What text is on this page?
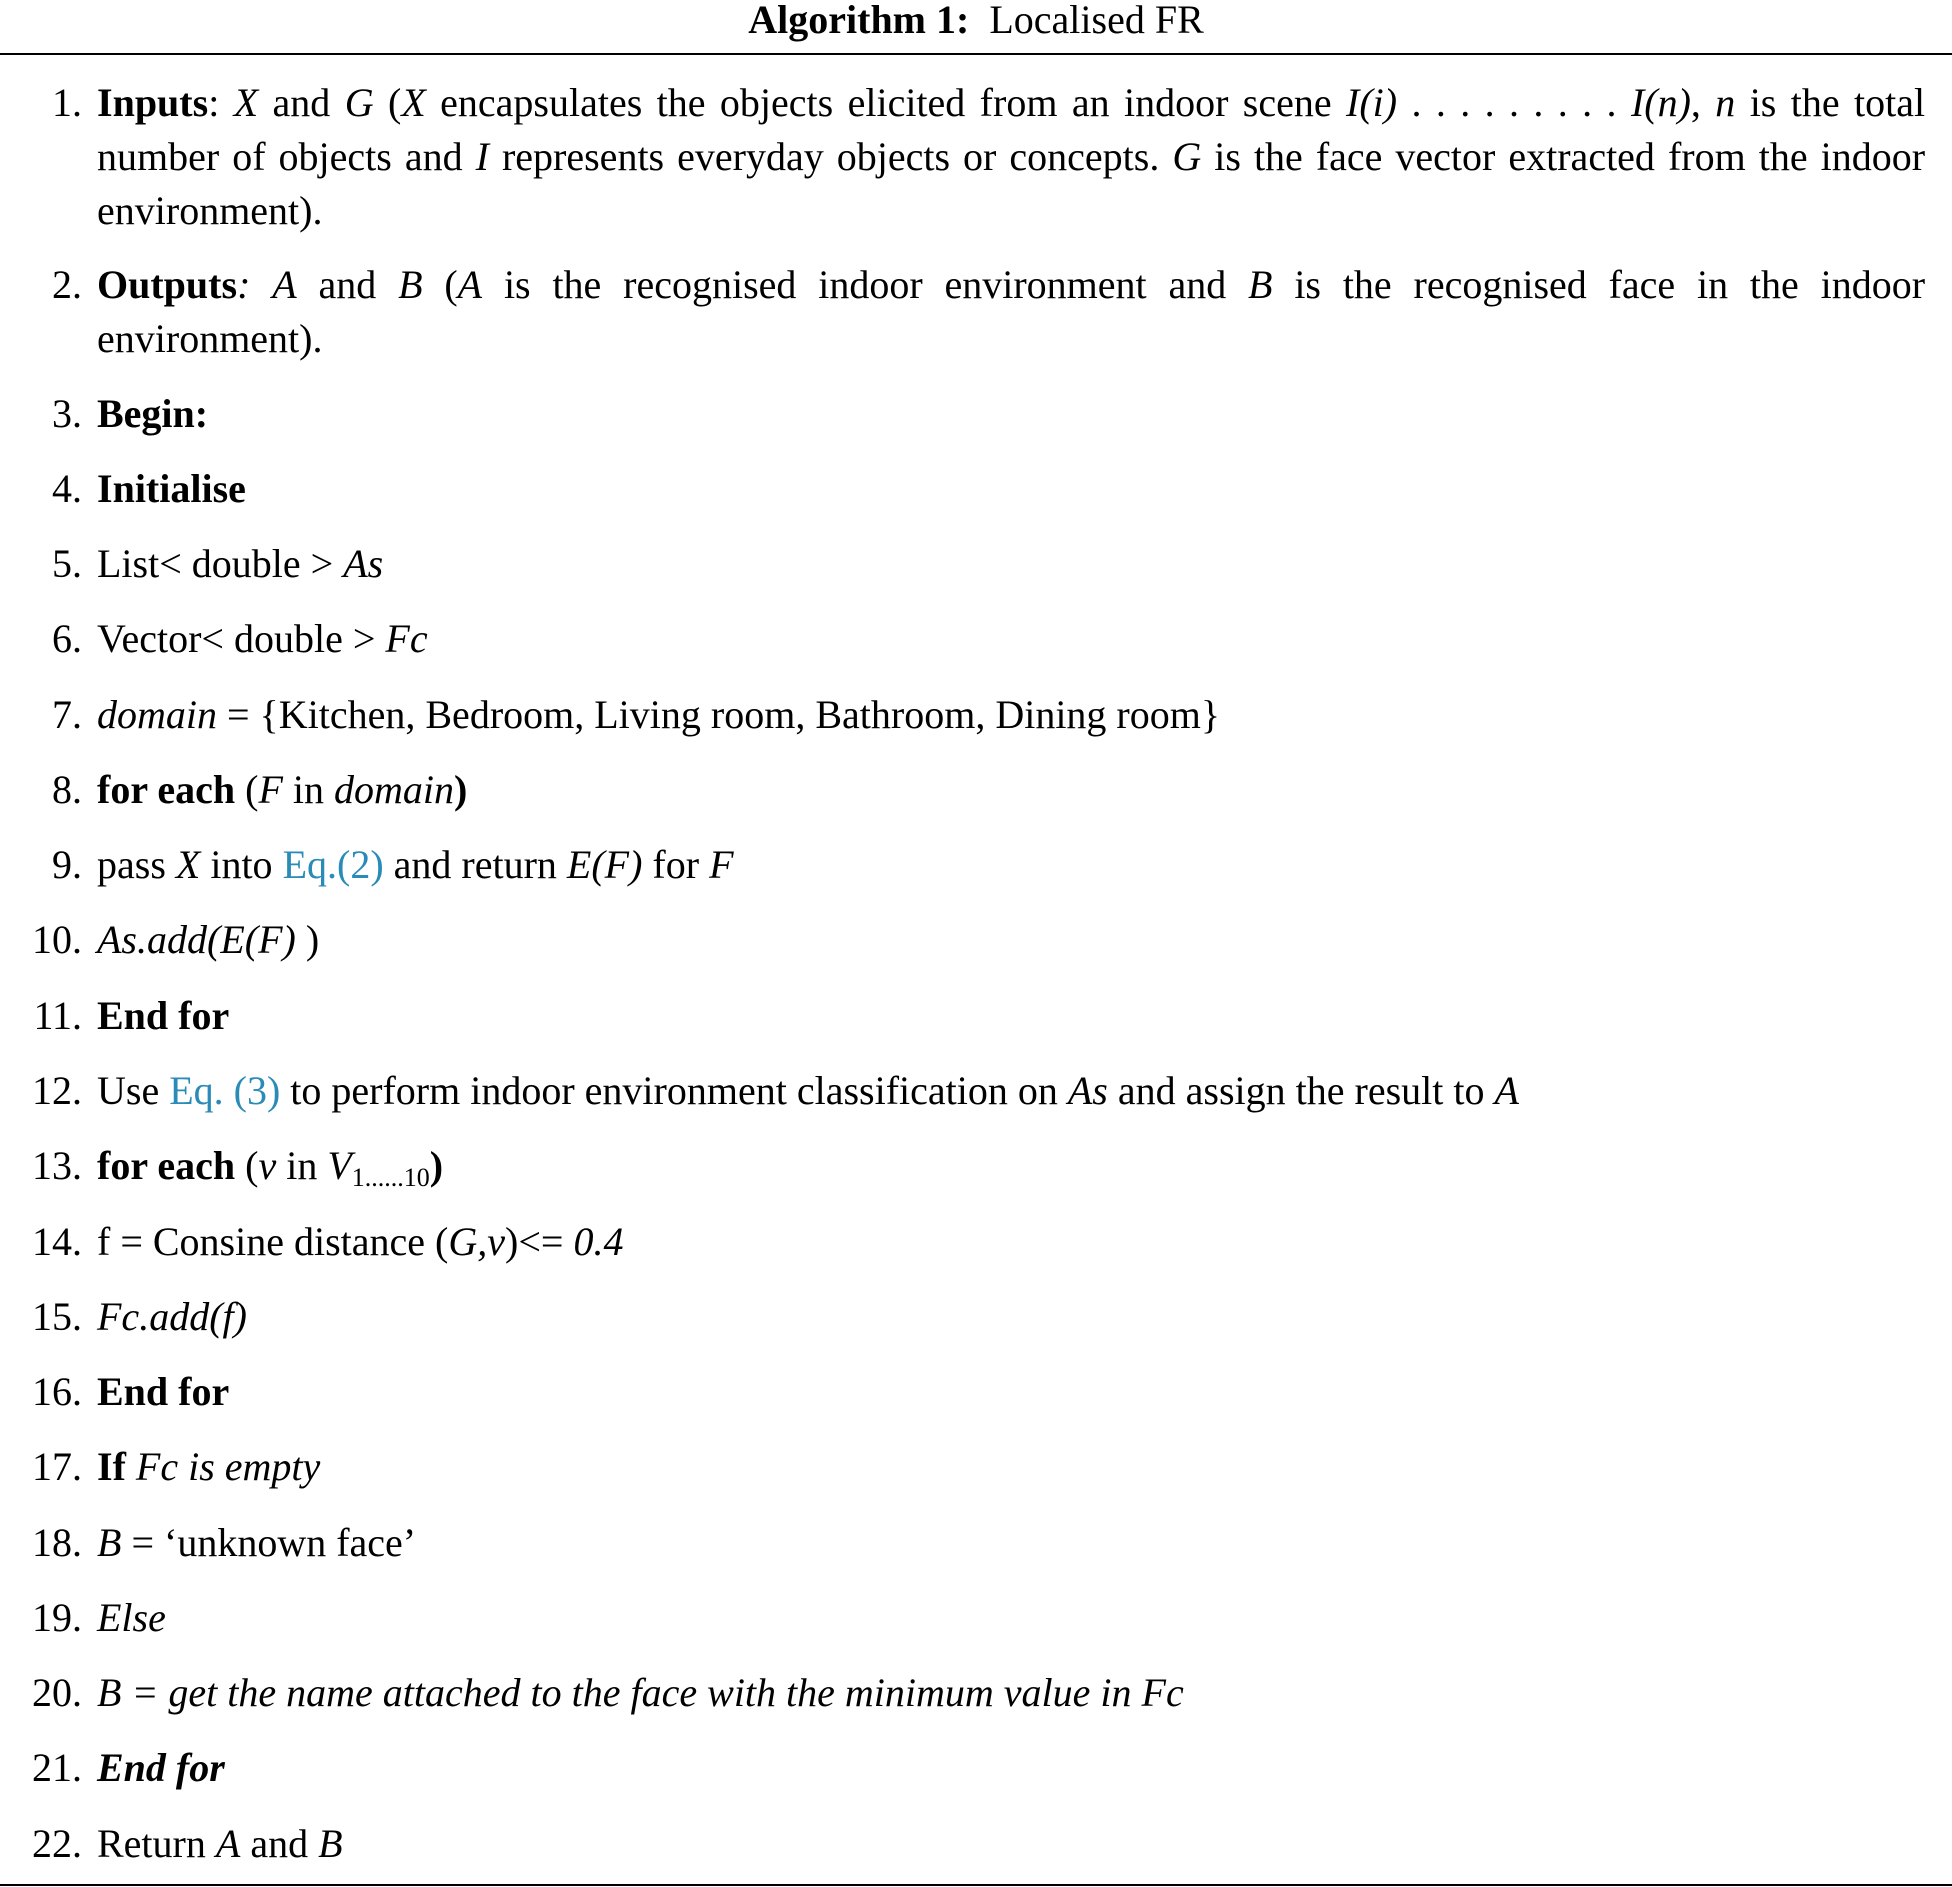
Algorithm 1: Localised FR
1. Inputs: X and G (X encapsulates the objects elicited from an indoor scene I(i) . . . . . . . . . I(n), n is the total number of objects and I represents everyday objects or concepts. G is the face vector extracted from the indoor environment).
2. Outputs: A and B (A is the recognised indoor environment and B is the recognised face in the indoor environment).
3. Begin:
4. Initialise
5. List< double > As
6. Vector< double > Fc
7. domain = {Kitchen, Bedroom, Living room, Bathroom, Dining room}
8. for each (F in domain)
9. pass X into Eq.(2) and return E(F) for F
10. As.add(E(F) )
11. End for
12. Use Eq. (3) to perform indoor environment classification on As and assign the result to A
13. for each (v in $V_{1......10}$)
14. f = Consine distance (G,v)<= 0.4
15. Fc.add(f)
16. End for
17. If Fc is empty
18. B = ‘unknown face’
19. Else
20. B = get the name attached to the face with the minimum value in Fc
21. End for
22. Return A and B
